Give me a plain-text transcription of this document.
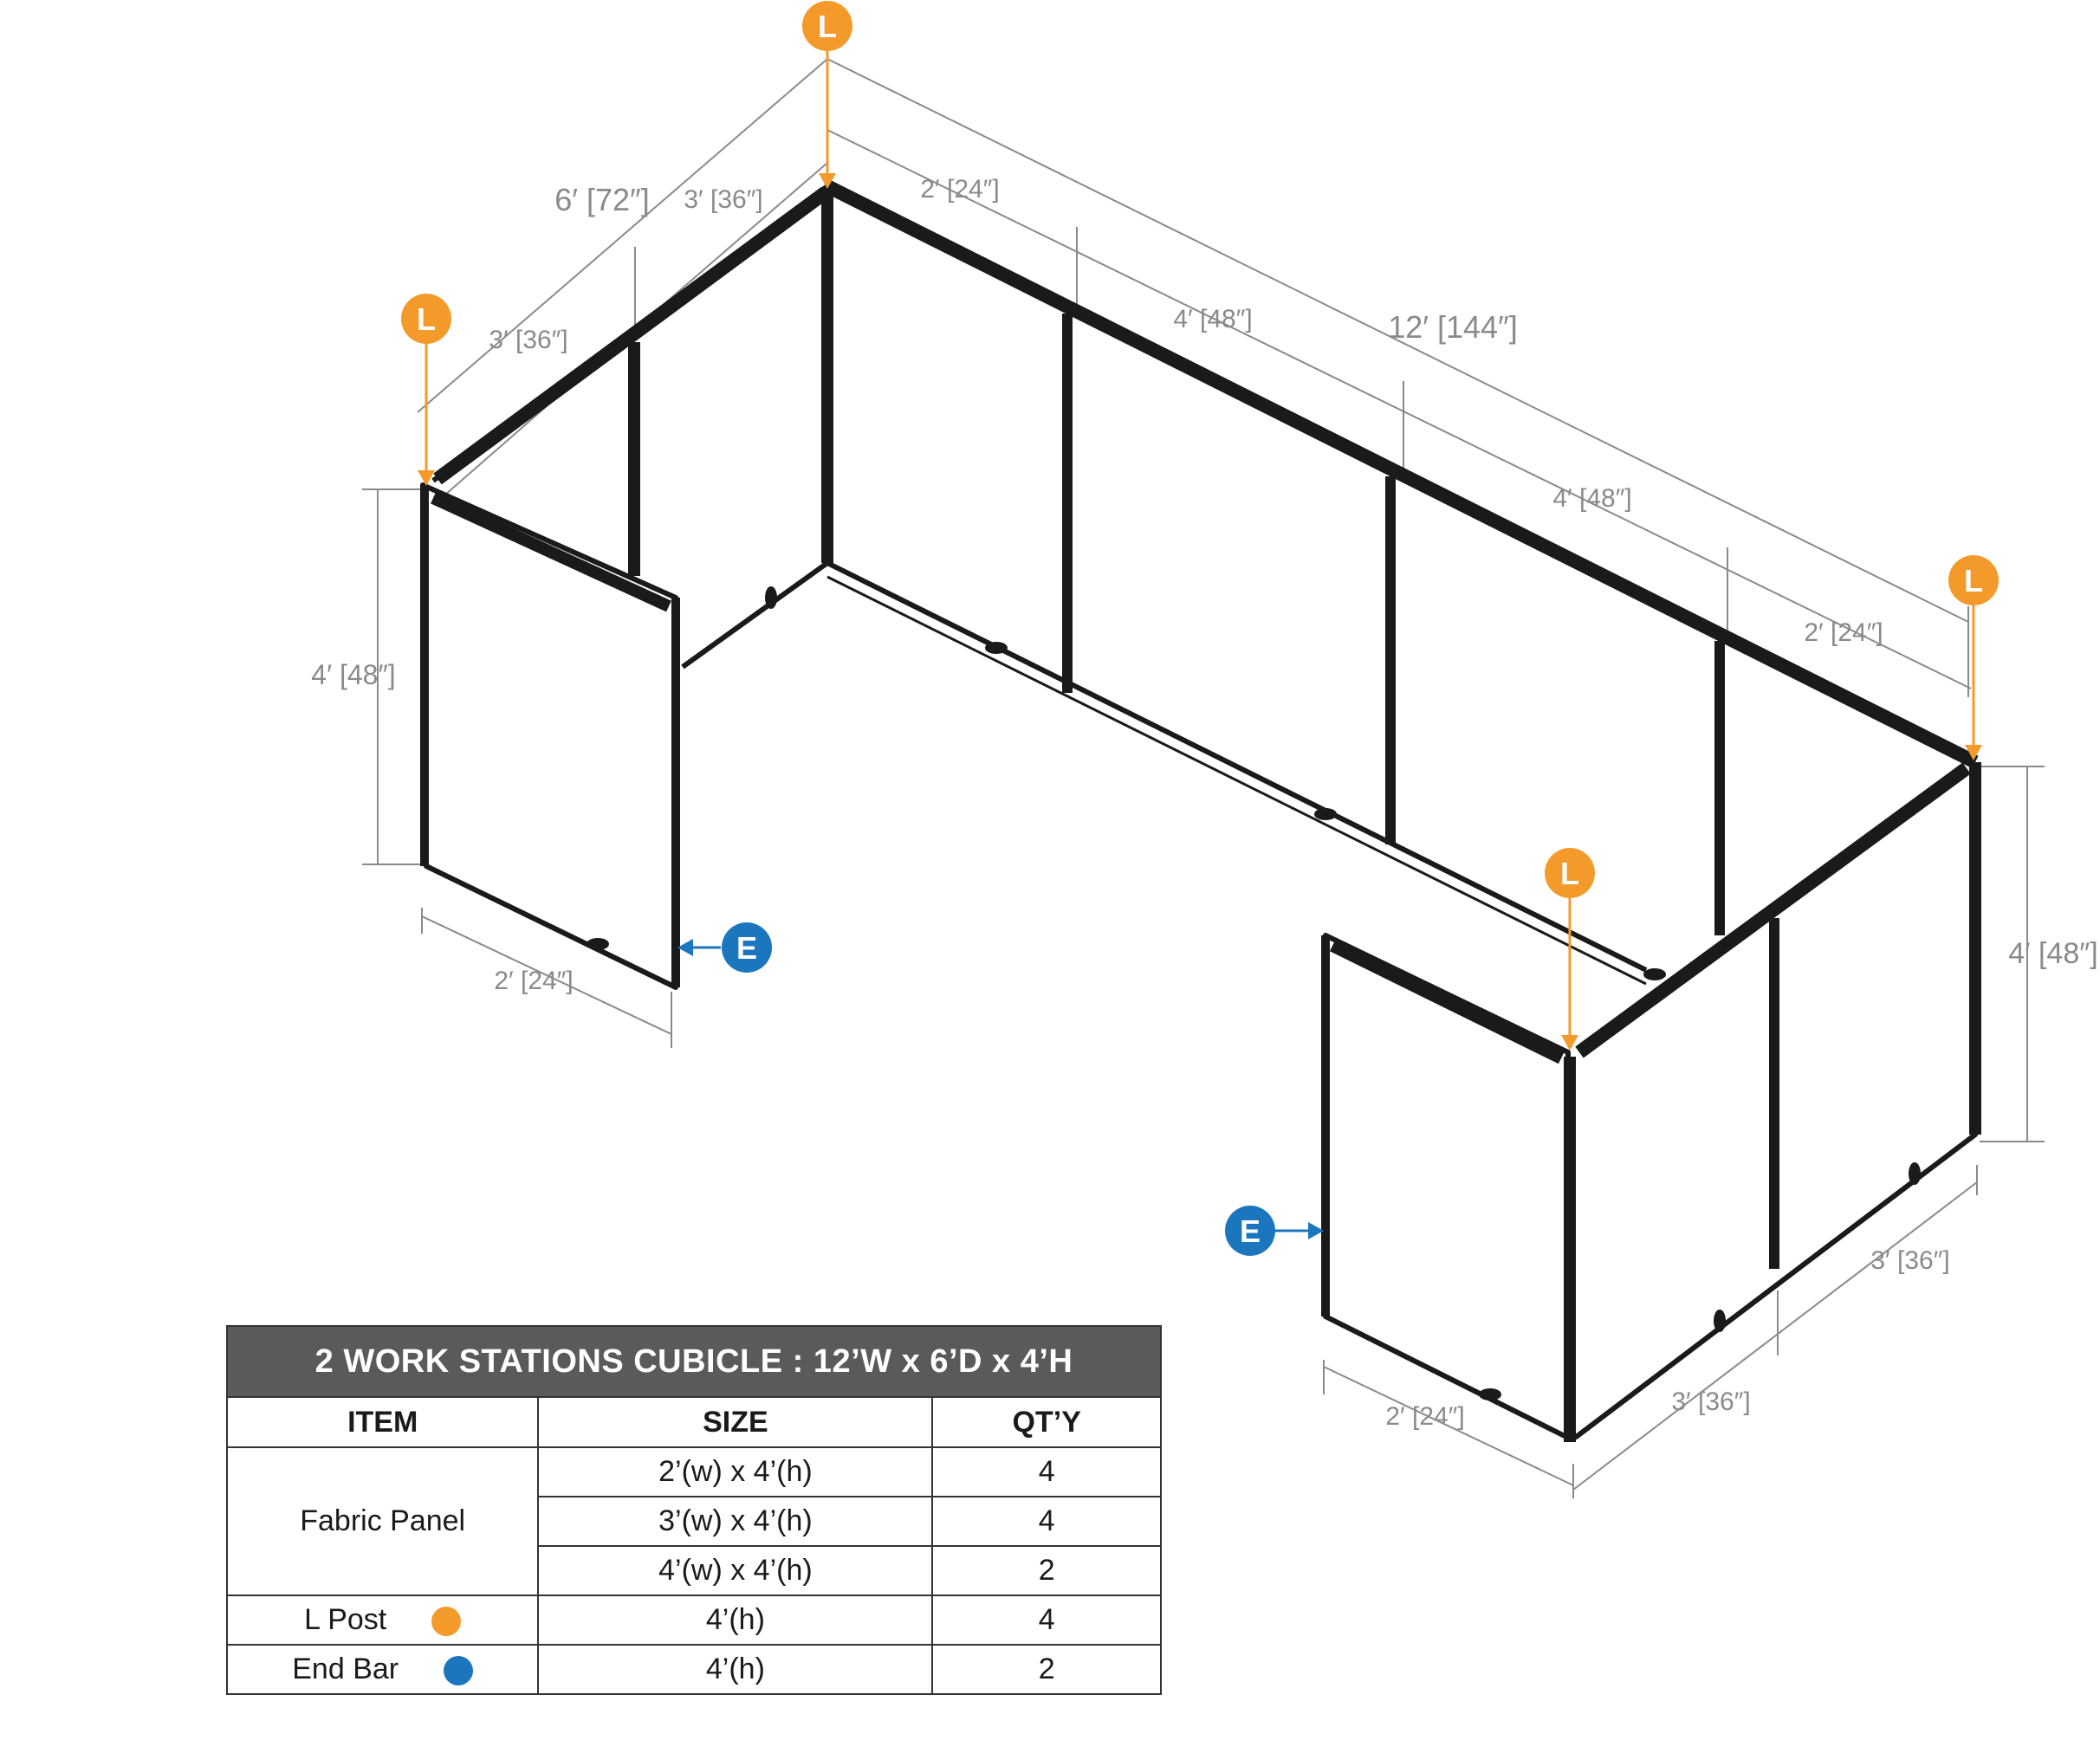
L
L
L
L
E
E
6′ [72″] 3′ [36″]
3′ [36″]
2′ [24″]
4′ [48″]	12′ [144″]
4′ [48″]
2′ [24″]
4′ [48″]
2′ [24″]
4′ [48″]
3′ [36″]
3′ [36″]
2′ [24″]
2 WORK STATIONS CUBICLE : 12’W x 6’D x 4’H		
ITEM	SIZE	QT’Y
Fabric Panel	2’(w) x 4’(h)	4
	3’(w) x 4’(h)	4
	4’(w) x 4’(h)	2
L Post	4’(h)	4
End Bar	4’(h)	2
